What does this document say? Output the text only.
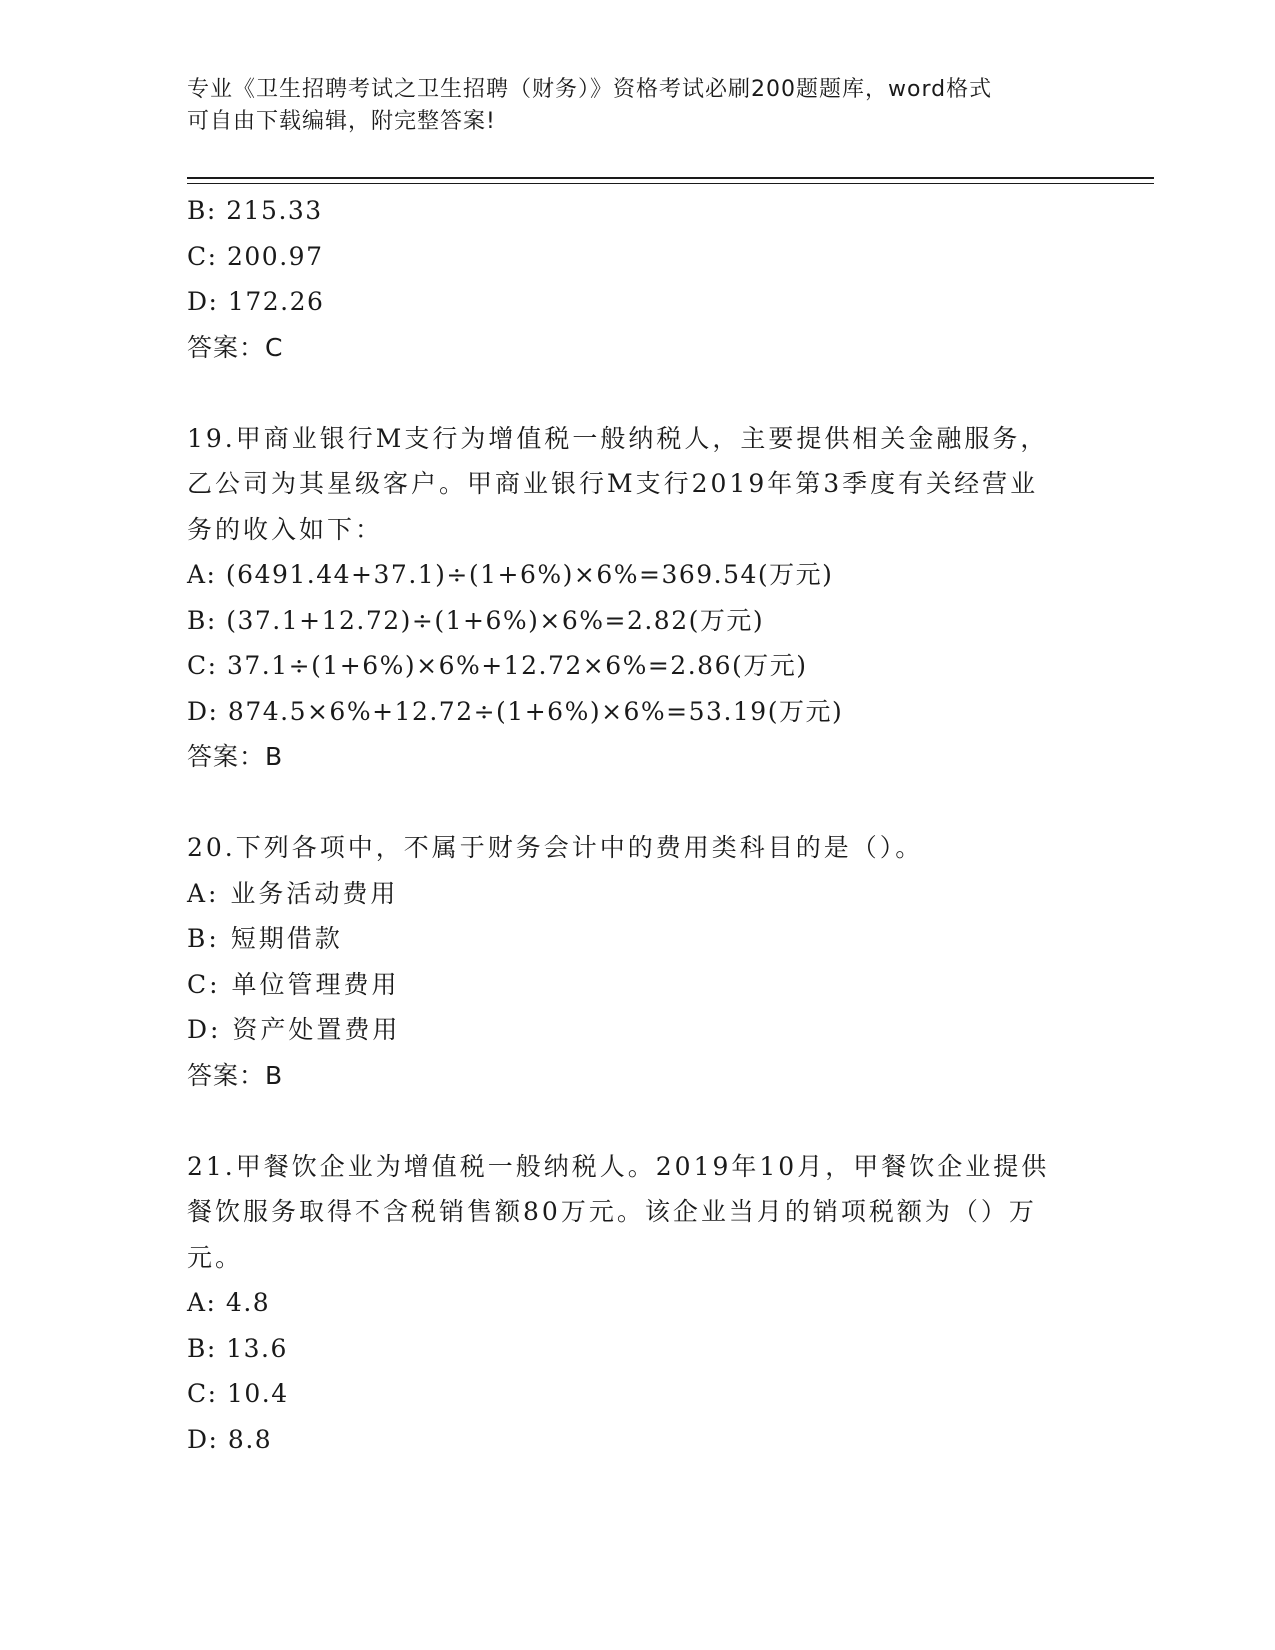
专业《卫生招聘考试之卫生招聘（财务）》资格考试必刷200题题库，word格式
可自由下载编辑，附完整答案!
B: 215.33
C: 200.97
D: 172.26
答案：C
19.甲商业银行M支行为增值税一般纳税人，主要提供相关金融服务，
乙公司为其星级客户。甲商业银行M支行2019年第3季度有关经营业
务的收入如下：
A: (6491.44+37.1)÷(1+6%)×6%=369.54(万元)
B: (37.1+12.72)÷(1+6%)×6%=2.82(万元)
C: 37.1÷(1+6%)×6%+12.72×6%=2.86(万元)
D: 874.5×6%+12.72÷(1+6%)×6%=53.19(万元)
答案：B
20.下列各项中，不属于财务会计中的费用类科目的是（）。
A: 业务活动费用
B: 短期借款
C: 单位管理费用
D: 资产处置费用
答案：B
21.甲餐饮企业为增值税一般纳税人。2019年10月，甲餐饮企业提供
餐饮服务取得不含税销售额80万元。该企业当月的销项税额为（）万
元。
A: 4.8
B: 13.6
C: 10.4
D: 8.8
